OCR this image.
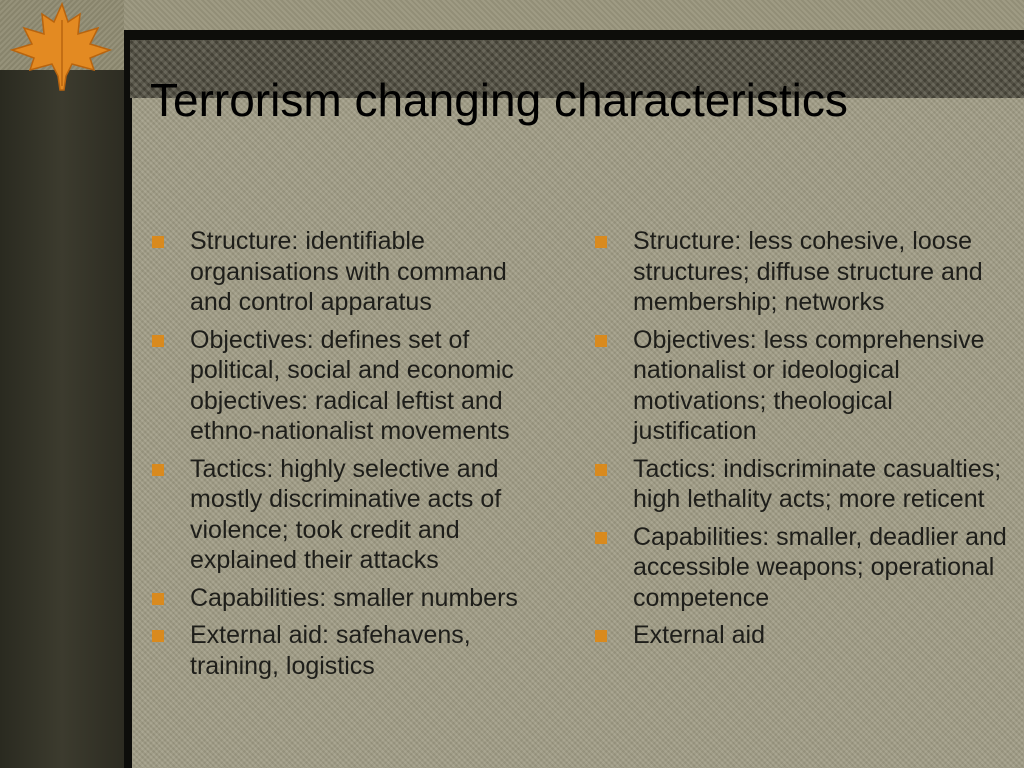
Terrorism changing characteristics
Structure: identifiable organisations with command and control apparatus
Objectives: defines set of political, social and economic objectives: radical leftist and ethno-nationalist movements
Tactics: highly selective and mostly discriminative acts of violence; took credit and explained their attacks
Capabilities: smaller numbers
External aid: safehavens, training, logistics
Structure: less cohesive, loose structures; diffuse structure and membership; networks
Objectives: less comprehensive nationalist or ideological motivations; theological justification
Tactics: indiscriminate casualties; high lethality acts; more reticent
Capabilities: smaller, deadlier and accessible weapons; operational competence
External aid
